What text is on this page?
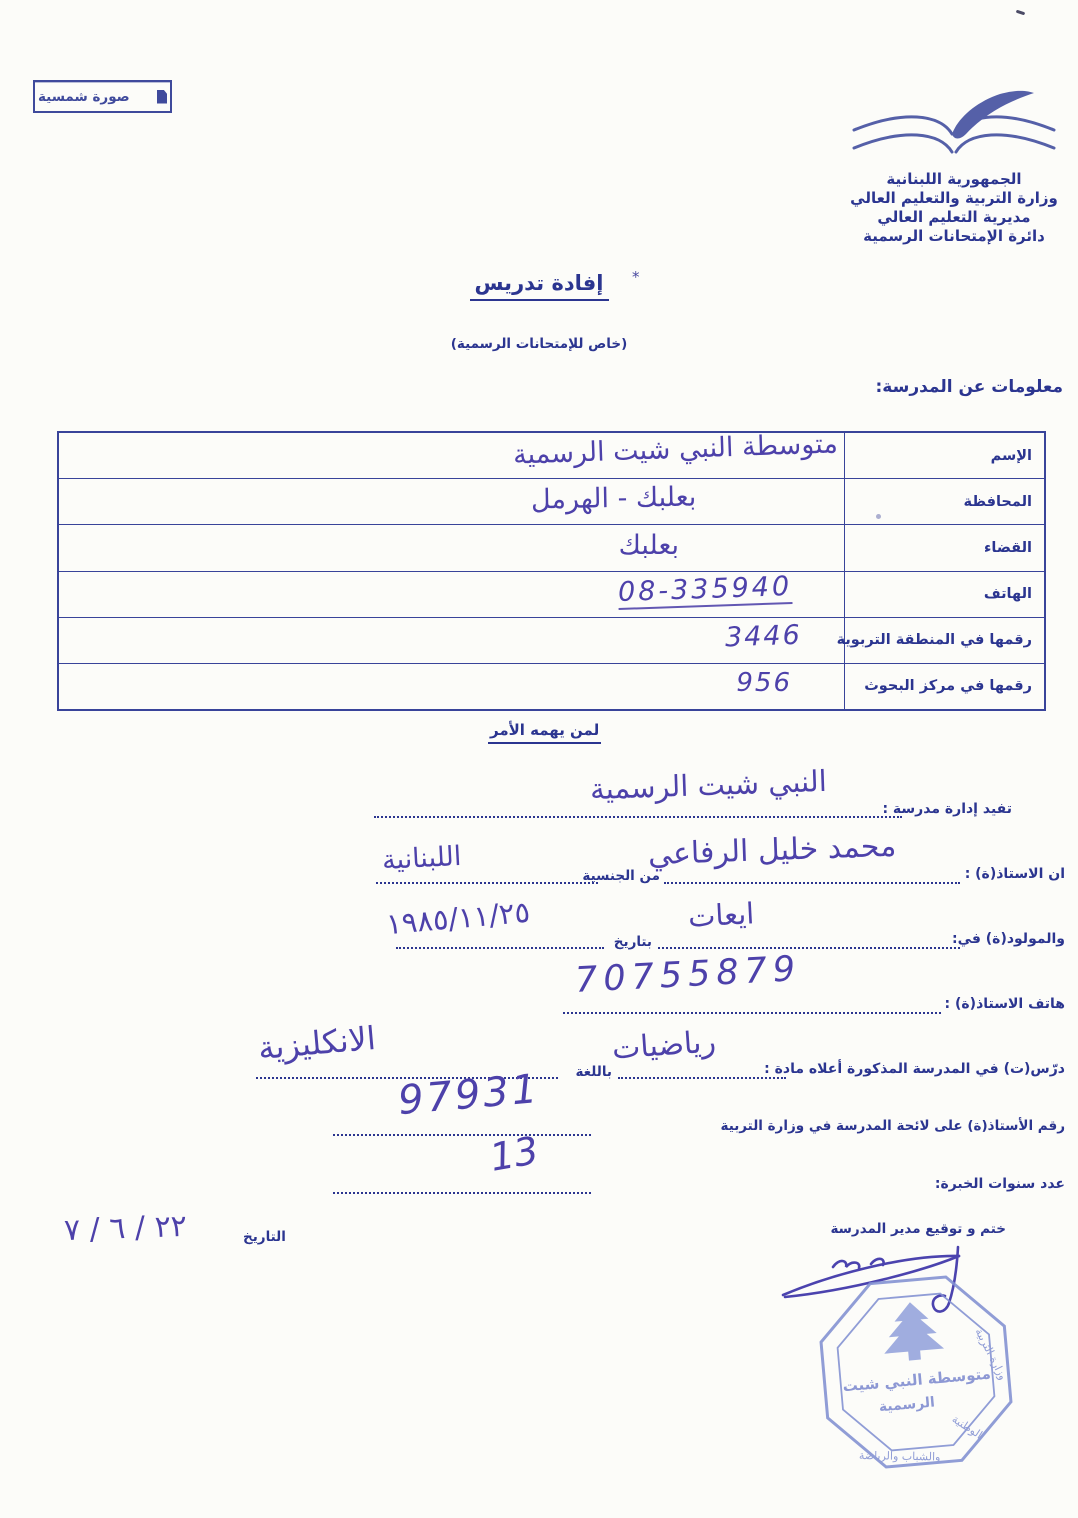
صورة شمسية
الجمهورية اللبنانية
وزارة التربية والتعليم العالي
مديرية التعليم العالي
دائرة الإمتحانات الرسمية
إفادة تدريس	*
(خاص للإمتحانات الرسمية)
معلومات عن المدرسة:
الإسم
متوسطة النبي شيت الرسمية
المحافظة
بعلبك - الهرمل
القضاء
بعلبك
الهاتف
08-335940
رقمها في المنطقة التربوية
3446
رقمها في مركز البحوث
956
لمن يهمه الأمر
تفيد إدارة مدرسة :
النبي شيت الرسمية
ان الاستاذ(ة) :
من الجنسية
محمد خليل الرفاعي
اللبنانية
والمولود(ة) في:
بتاريخ
ايعات
١٩٨٥/١١/٢٥
هاتف الاستاذ(ة) :
70755879
درّس(ت) في المدرسة المذكورة أعلاه مادة :
باللغة
رياضيات
الانكليزية
رقم الأستاذ(ة) على لائحة المدرسة في وزارة التربية
97931
عدد سنوات الخبرة:
13
ختم و توقيع مدير المدرسة
التاريخ
٢٢ / ٦ / ٧
متوسطة النبي شيت
الرسمية
وزارة التربية
الوطنية
والشباب والرياضة
